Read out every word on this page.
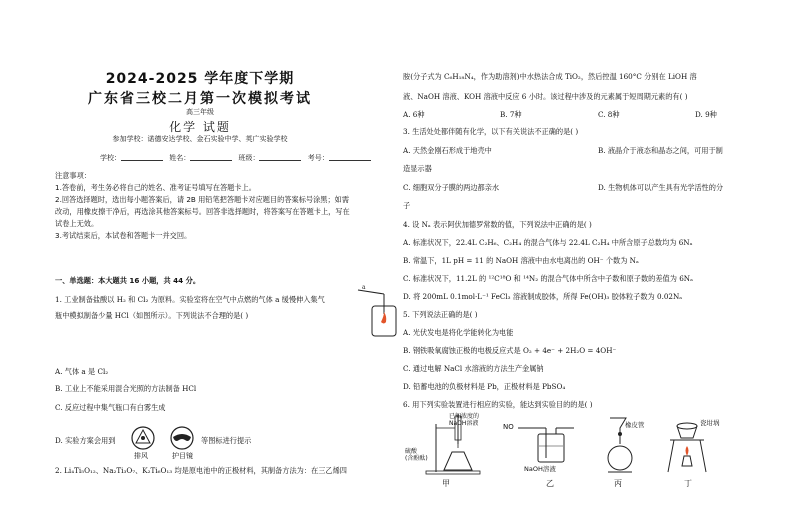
2024-2025 学年度下学期
广东省三校二月第一次模拟考试
高三年级
化学 试题
参加学校：诺德安达学校、金石实验中学、英广实验学校
学校：	姓名：	班级：	考号：
注意事项：
1.答卷前，考生务必将自己的姓名、准考证号填写在答题卡上。
2.回答选择题时，选出每小题答案后，请 2B 用铅笔把答题卡对应题目的答案标号涂黑；如需
改动，用橡皮擦干净后，再选涂其他答案标号。回答非选择题时，将答案写在答题卡上，写在
试卷上无效。
3.考试结束后，本试卷和答题卡一并交回。
一、单选题：本大题共 16 小题，共 44 分。
1. 工业制备盐酸以 H₂ 和 Cl₂ 为原料。实验室将在空气中点燃的气体 a 缓慢伸入集气
瓶中模拟制备少量 HCl（如图所示）。下列说法不合理的是( )
a
A. 气体 a 是 Cl₂
B. 工业上不能采用混合光照的方法制备 HCl
C. 反应过程中集气瓶口有白雾生成
D. 实验方案会用到
排风	护目镜
等图标进行提示
2. Li₄Ti₅O₁₂、Na₂Ti₃O₇、K₂Ti₆O₁₃ 均是原电池中的正极材料，其制备方法为：在三乙烯四
胺(分子式为 C₆H₁₈N₄，作为助溶剂)中水热法合成 TiO₂，然后控温 160°C 分别在 LiOH 溶
液、NaOH 溶液、KOH 溶液中反应 6 小时。该过程中涉及的元素属于短周期元素的有( )
A. 6种	B. 7种	C. 8种	D. 9种
3. 生活处处都伴随有化学，以下有关说法不正确的是( )
A. 天然金刚石形成于地壳中	B. 液晶介于液态和晶态之间，可用于制
造显示器
C. 细胞双分子膜的两边都亲水	D. 生物机体可以产生具有光学活性的分
子
4. 设 Nₐ 表示阿伏加德罗常数的值，下列说法中正确的是( )
A. 标准状况下，22.4L C₂H₆、C₂H₄ 的混合气体与 22.4L C₂H₄ 中所含原子总数均为 6Nₐ
B. 常温下，1L pH = 11 的 NaOH 溶液中由水电离出的 OH⁻ 个数为 Nₐ
C. 标准状况下，11.2L 的 ¹²C¹⁸O 和 ¹⁴N₂ 的混合气体中所含中子数和原子数的差值为 6Nₐ
D. 将 200mL 0.1mol·L⁻¹ FeCl₃ 溶液制成胶体，所得 Fe(OH)₃ 胶体粒子数为 0.02Nₐ
5. 下列说法正确的是( )
A. 光伏发电是将化学能转化为电能
B. 钢铁吸氧腐蚀正极的电极反应式是 O₂ + 4e⁻ + 2H₂O = 4OH⁻
C. 通过电解 NaCl 水溶液的方法生产金属钠
D. 铅蓄电池的负极材料是 Pb，正极材料是 PbSO₄
6. 用下列实验装置进行相应的实验，能达到实验目的的是( )
已知浓度的
NaOH溶液
硫酸
(含酚酞)
甲
NO
NaOH溶液
乙
橡皮管
丙
瓷坩埚
丁
